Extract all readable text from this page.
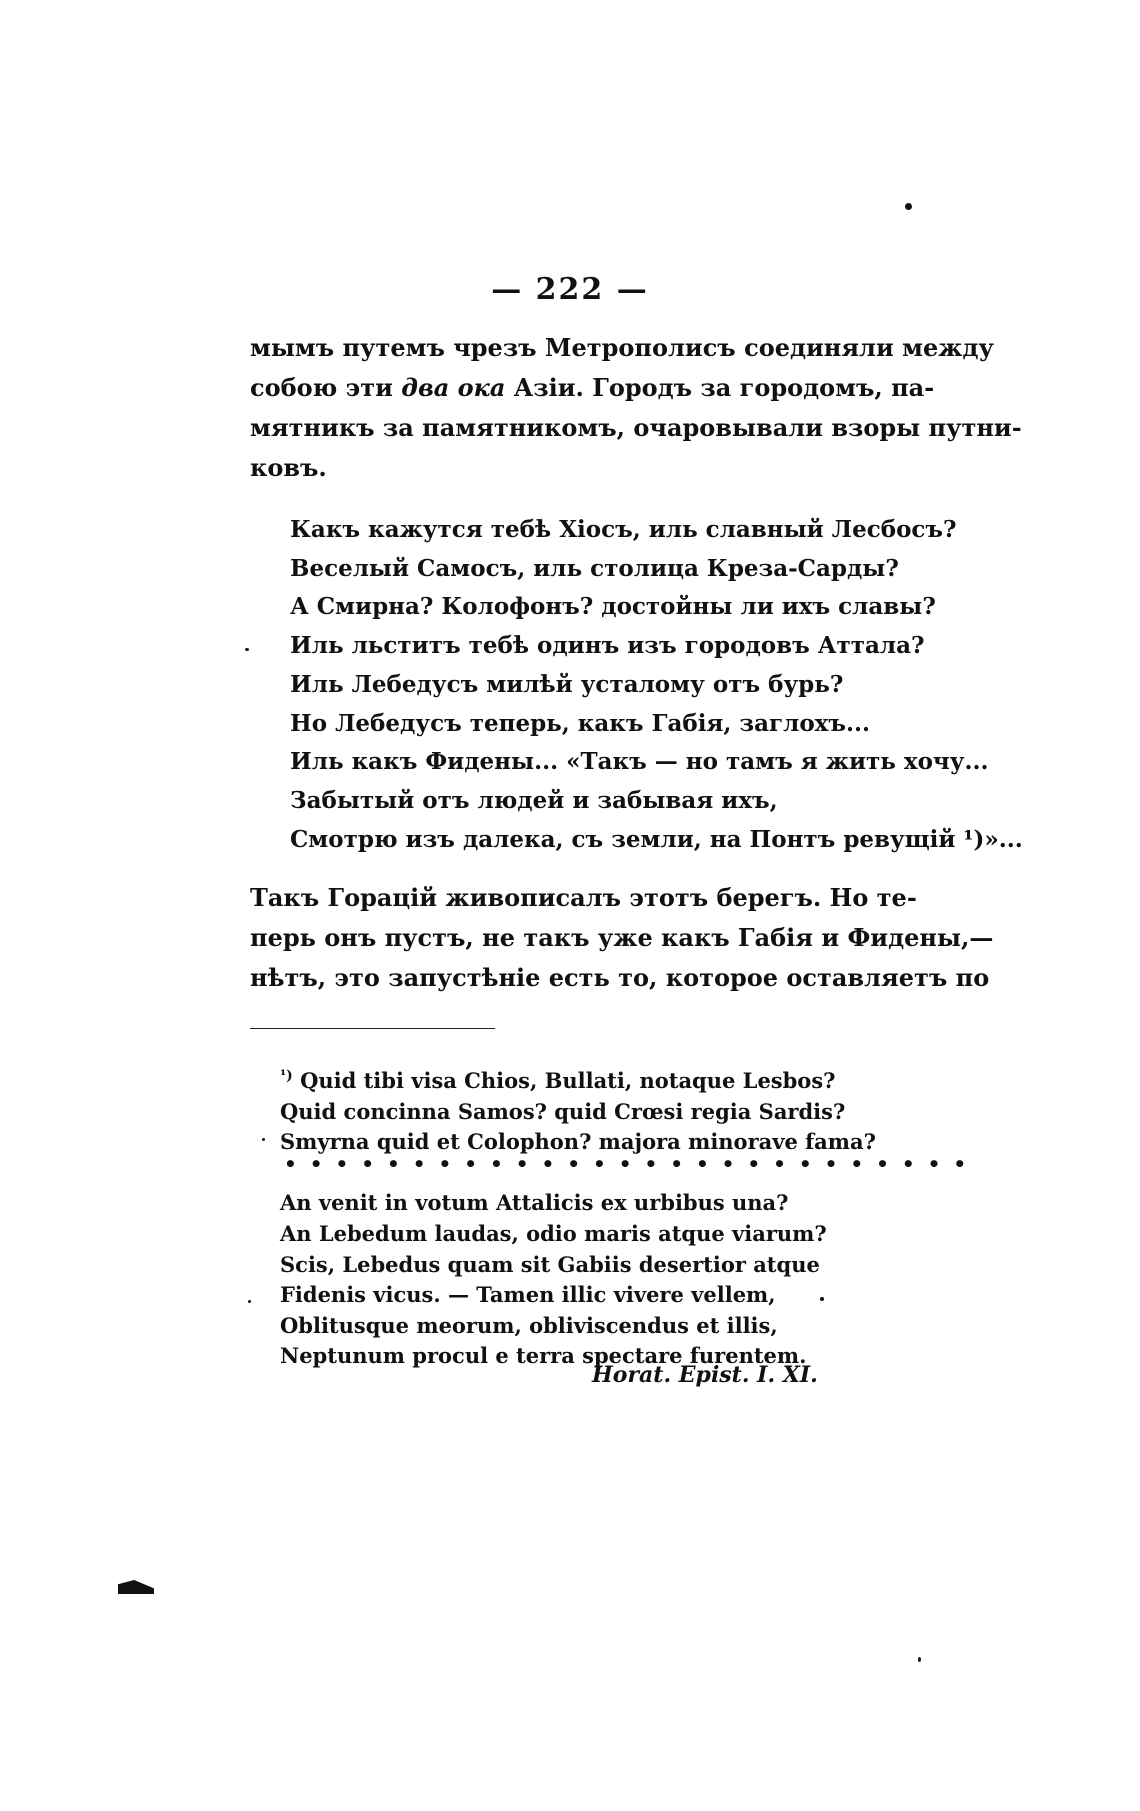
— 222 —
мымъ путемъ чрезъ Метрополисъ соединяли между
собою эти два ока Азіи. Городъ за городомъ, па-
мятникъ за памятникомъ, очаровывали взоры путни-
ковъ.
Какъ кажутся тебѣ Хіосъ, иль славный Лесбосъ?
Веселый Самосъ, иль столица Креза-Сарды?
А Смирна? Колофонъ? достойны ли ихъ славы?
Иль льститъ тебѣ одинъ изъ городовъ Аттала?
Иль Лебедусъ милѣй усталому отъ бурь?
Но Лебедусъ теперь, какъ Габія, заглохъ...
Иль какъ Фидены... «Такъ — но тамъ я жить хочу...
Забытый отъ людей и забывая ихъ,
Смотрю изъ далека, съ земли, на Понтъ ревущій ¹)»...
Такъ Горацій живописалъ этотъ берегъ. Но те-
перь онъ пустъ, не такъ уже какъ Габія и Фидены,—
нѣтъ, это запустѣніе есть то, которое оставляетъ по
$^{^1)}$ Quid tibi visa Chios, Bullati, notaque Lesbos?
Quid concinna Samos? quid Crœsi regia Sardis?
Smyrna quid et Colophon? majora minorave fama?

An venit in votum Attalicis ex urbibus una?
An Lebedum laudas, odio maris atque viarum?
Scis, Lebedus quam sit Gabiis desertior atque
Fidenis vicus. — Tamen illic vivere vellem,
Oblitusque meorum, obliviscendus et illis,
Neptunum procul e terra spectare furentem.
• • • • • • • • • • • • • • • • • • • • • • • • • • •
Horat. Epist. I. XI.
